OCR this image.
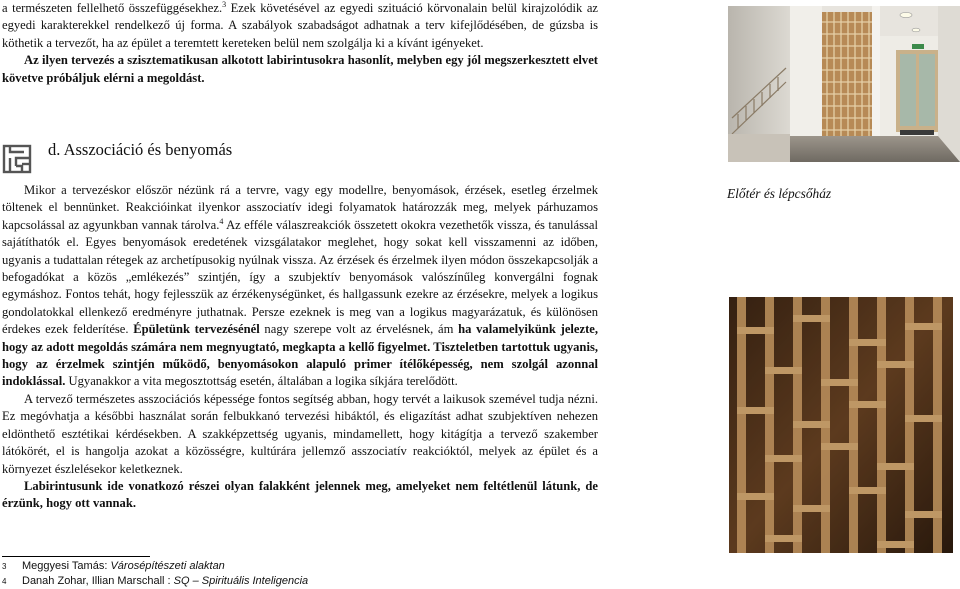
a természeten fellelhető összefüggésekhez.$^3$ Ezek követésével az egyedi szituáció körvonalain belül kirajzolódik az egyedi karakterekkel rendelkező új forma. A szabályok szabadságot adhatnak a terv kifejlődésében, de gúzsba is köthetik a tervezőt, ha az épület a teremtett kereteken belül nem szolgálja ki a kívánt igényeket.

Az ilyen tervezés a szisztematikusan alkotott labirintusokra hasonlít, melyben egy jól megszerkesztett elvet követve próbáljuk elérni a megoldást.

d. Asszociáció és benyomás

Mikor a tervezéskor először nézünk rá a tervre, vagy egy modellre, benyomások, érzések, esetleg érzelmek töltenek el bennünket. Reakcióinkat ilyenkor asszociatív idegi folyamatok határozzák meg, melyek párhuzamos kapcsolással az agyunkban vannak tárolva.$^4$ Az efféle válaszreakciók összetett okokra vezethetők vissza, és tanulással sajátíthatók el. Egyes benyomások eredetének vizsgálatakor meglehet, hogy sokat kell visszamenni az időben, ugyanis a tudattalan rétegek az archetípusokig nyúlnak vissza. Az érzések és érzelmek ilyen módon összekapcsolják a befogadókat a közös „emlékezés” szintjén, így a szubjektív benyomások valószínűleg konvergálni fognak egymáshoz. Fontos tehát, hogy fejlesszük az érzékenységünket, és hallgassunk ezekre az érzésekre, melyek a logikus gondolatokkal ellenkező eredményre juthatnak. Persze ezeknek is meg van a logikus magyarázatuk, és különösen érdekes ezek felderítése. Épületünk tervezésénél nagy szerepe volt az érvelésnek, ám ha valamelyikünk jelezte, hogy az adott megoldás számára nem megnyugtató, megkapta a kellő figyelmet. Tiszteletben tartottuk ugyanis, hogy az érzelmek szintjén működő, benyomásokon alapuló primer ítélőképesség, nem szolgál azonnal indoklással. Ugyanakkor a vita megosztottság esetén, általában a logika síkjára terelődött.

A tervező természetes asszociációs képessége fontos segítség abban, hogy tervét a laikusok szemével tudja nézni. Ez megóvhatja a későbbi használat során felbukkanó tervezési hibáktól, és eligazítást adhat szubjektíven nehezen eldönthető esztétikai kérdésekben. A szakképzettség ugyanis, mindamellett, hogy kitágítja a tervező szakember látókörét, el is hangolja azokat a közösségre, kultúrára jellemző asszociatív reakcióktól, melyek az épület és a környezet észlelésekor keletkeznek.

Labirintusunk ide vonatkozó részei olyan falakként jelennek meg, amelyeket nem feltétlenül látunk, de érzünk, hogy ott vannak.

3 Meggyesi Tamás: Városépítészeti alaktan
4 Danah Zohar, Illian Marschall : SQ – Spirituális Inteligencia
Előtér és lépcsőház
